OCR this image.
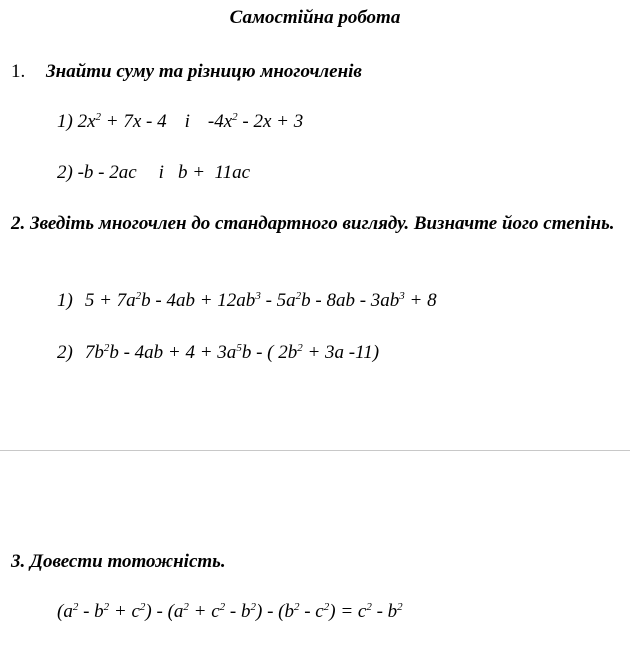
Самостійна робота
1. Знайти суму та різницю многочленів
1) $2x^2 + 7x - 4$ і $-4x^2 - 2x + 3$
2) -b - 2ac і b +  11ac
2. Зведіть многочлен до стандартного вигляду. Визначте його степінь.
1) $5 + 7a^2b - 4ab + 12ab^3 - 5a^2b - 8ab - 3ab^3 + 8$
2) $7b^2b - 4ab + 4 + 3a^5b$ - ( $2b^2 + 3a$ -11)
3. Довести тотожність.
$(a^2 - b^2 + c^2) - (a^2 + c^2 - b^2) - (b^2 - c^2) = c^2 - b^2$
